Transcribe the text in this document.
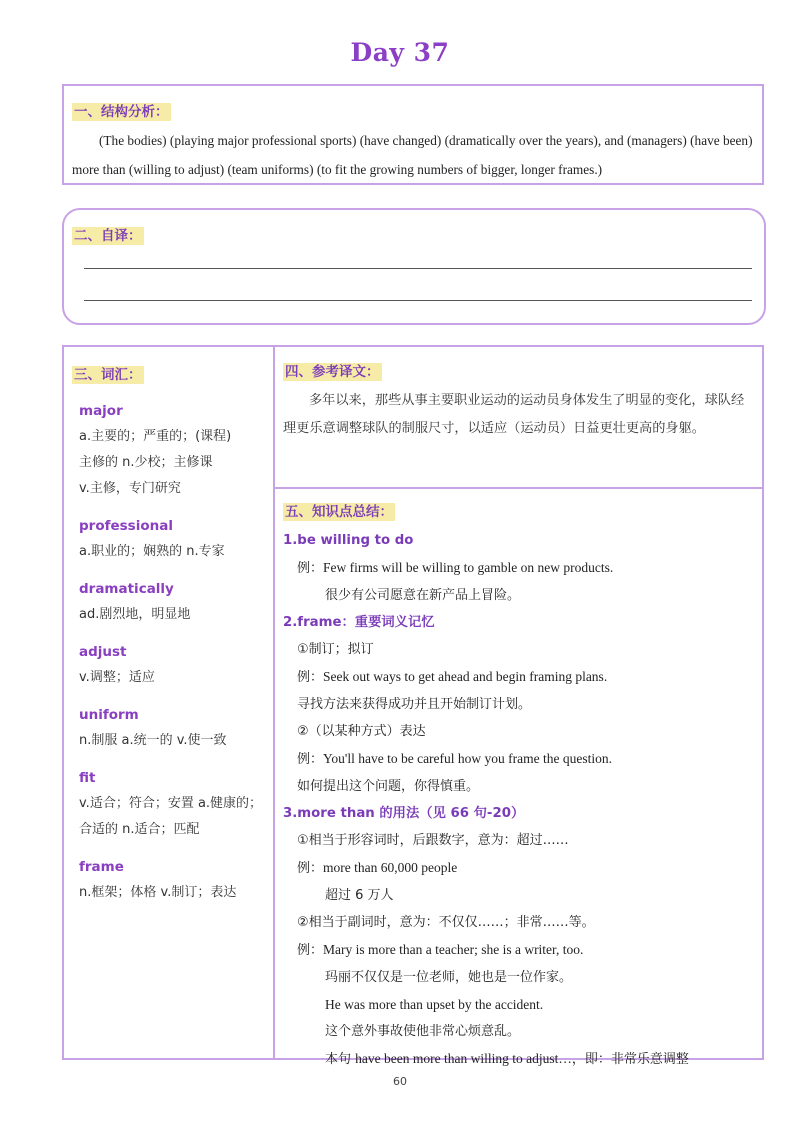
Day 37
一、结构分析：
(The bodies) (playing major professional sports) (have changed) (dramatically over the years), and (managers) (have been) more than (willing to adjust) (team uniforms) (to fit the growing numbers of bigger, longer frames.)
二、自译：
三、词汇：
major
a.主要的；严重的；(课程)
主修的 n.少校；主修课
v.主修，专门研究
professional
a.职业的；娴熟的 n.专家
dramatically
ad.剧烈地，明显地
adjust
v.调整；适应
uniform
n.制服 a.统一的 v.使一致
fit
v.适合；符合；安置 a.健康的；
合适的 n.适合；匹配
frame
n.框架；体格 v.制订；表达
四、参考译文：
多年以来，那些从事主要职业运动的运动员身体发生了明显的变化，球队经理更乐意调整球队的制服尺寸，以适应（运动员）日益更壮更高的身躯。
五、知识点总结：
1.be willing to do
例：Few firms will be willing to gamble on new products.
很少有公司愿意在新产品上冒险。
2.frame：重要词义记忆
①制订；拟订
例：Seek out ways to get ahead and begin framing plans.
寻找方法来获得成功并且开始制订计划。
②（以某种方式）表达
例：You'll have to be careful how you frame the question.
如何提出这个问题，你得慎重。
3.more than 的用法（见 66 句-20）
①相当于形容词时，后跟数字，意为：超过……
例：more than 60,000 people
超过 6 万人
②相当于副词时，意为：不仅仅……；非常……等。
例：Mary is more than a teacher; she is a writer, too.
玛丽不仅仅是一位老师，她也是一位作家。
He was more than upset by the accident.
这个意外事故使他非常心烦意乱。
本句 have been more than willing to adjust…，即：非常乐意调整
60
